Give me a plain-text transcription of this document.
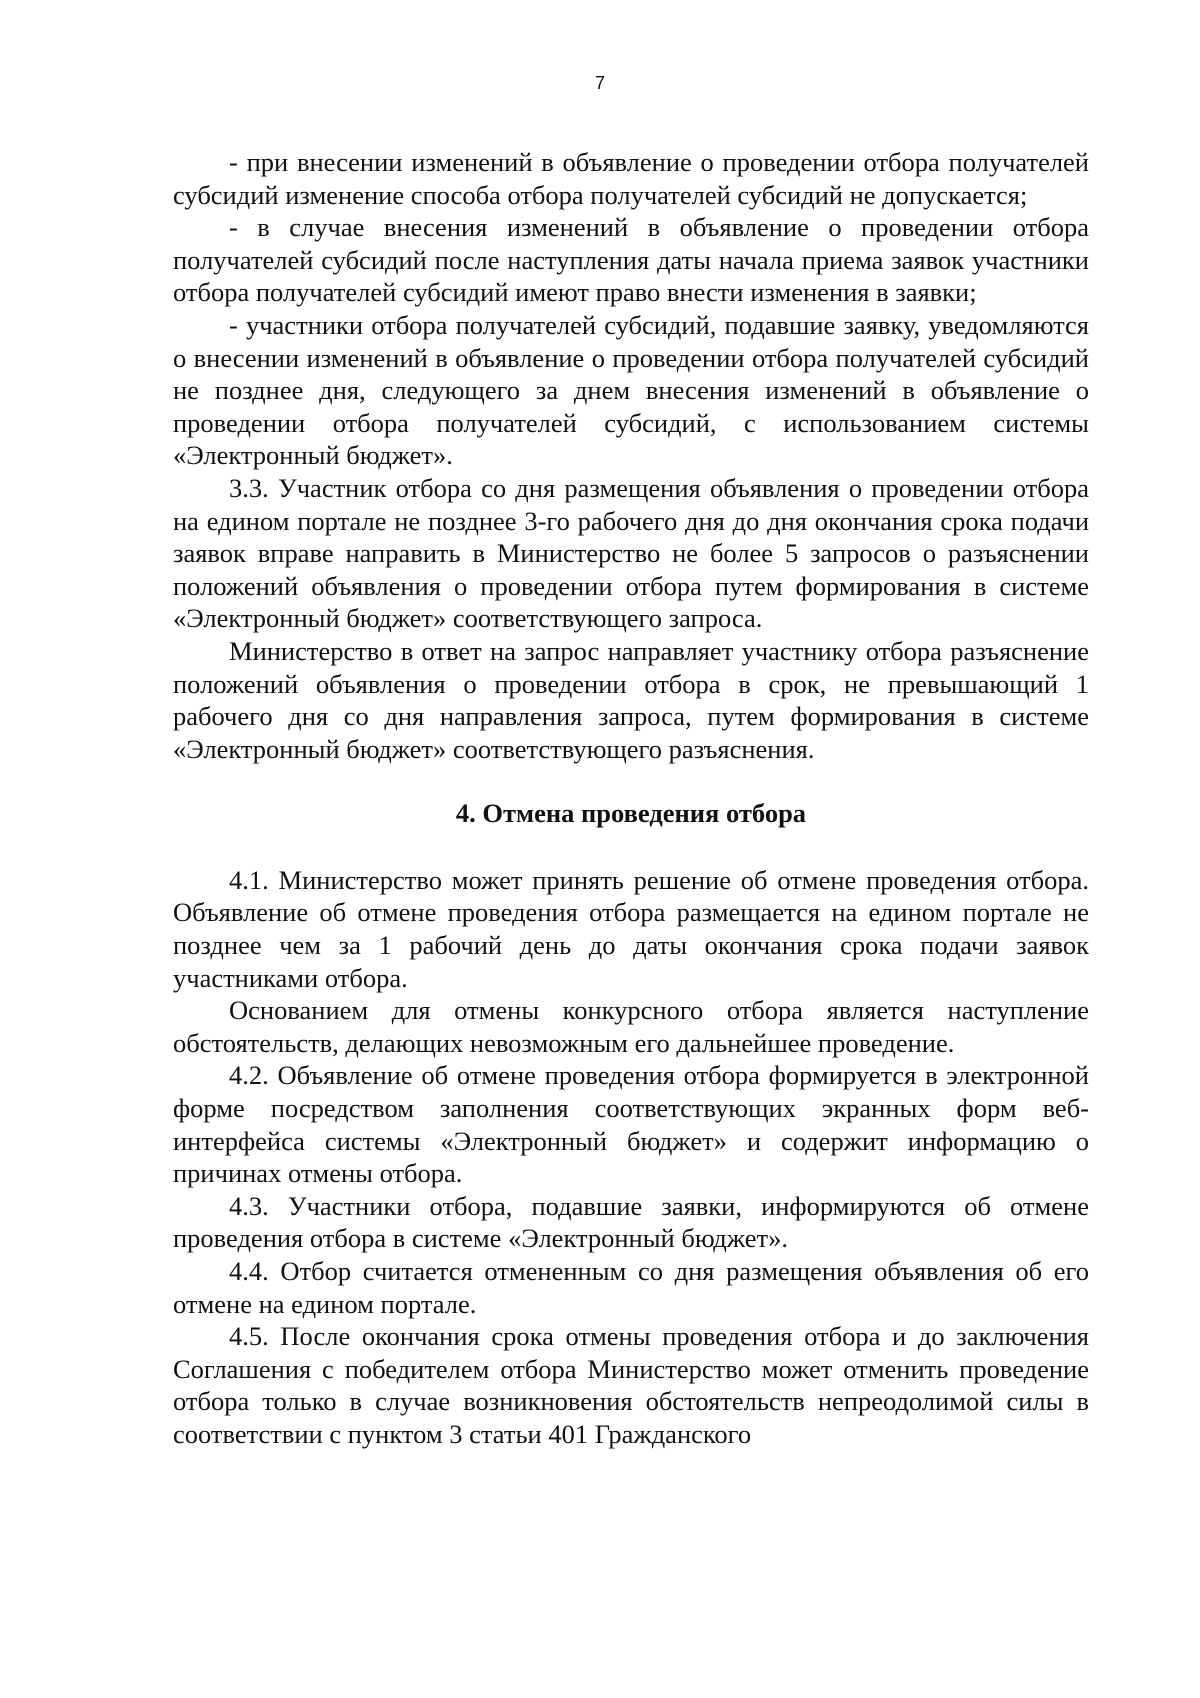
7

- при внесении изменений в объявление о проведении отбора получателей субсидий изменение способа отбора получателей субсидий не допускается;

- в случае внесения изменений в объявление о проведении отбора получателей субсидий после наступления даты начала приема заявок участники отбора получателей субсидий имеют право внести изменения в заявки;

- участники отбора получателей субсидий, подавшие заявку, уведомляются о внесении изменений в объявление о проведении отбора получателей субсидий не позднее дня, следующего за днем внесения изменений в объявление о проведении отбора получателей субсидий, с использованием системы «Электронный бюджет».

3.3. Участник отбора со дня размещения объявления о проведении отбора на едином портале не позднее 3-го рабочего дня до дня окончания срока подачи заявок вправе направить в Министерство не более 5 запросов о разъяснении положений объявления о проведении отбора путем формирования в системе «Электронный бюджет» соответствующего запроса.

Министерство в ответ на запрос направляет участнику отбора разъяснение положений объявления о проведении отбора в срок, не превышающий 1 рабочего дня со дня направления запроса, путем формирования в системе «Электронный бюджет» соответствующего разъяснения.

4. Отмена проведения отбора

4.1. Министерство может принять решение об отмене проведения отбора. Объявление об отмене проведения отбора размещается на едином портале не позднее чем за 1 рабочий день до даты окончания срока подачи заявок участниками отбора.

Основанием для отмены конкурсного отбора является наступление обстоятельств, делающих невозможным его дальнейшее проведение.

4.2. Объявление об отмене проведения отбора формируется в электронной форме посредством заполнения соответствующих экранных форм веб-интерфейса системы «Электронный бюджет» и содержит информацию о причинах отмены отбора.

4.3. Участники отбора, подавшие заявки, информируются об отмене проведения отбора в системе «Электронный бюджет».

4.4. Отбор считается отмененным со дня размещения объявления об его отмене на едином портале.

4.5. После окончания срока отмены проведения отбора и до заключения Соглашения с победителем отбора Министерство может отменить проведение отбора только в случае возникновения обстоятельств непреодолимой силы в соответствии с пунктом 3 статьи 401 Гражданского
